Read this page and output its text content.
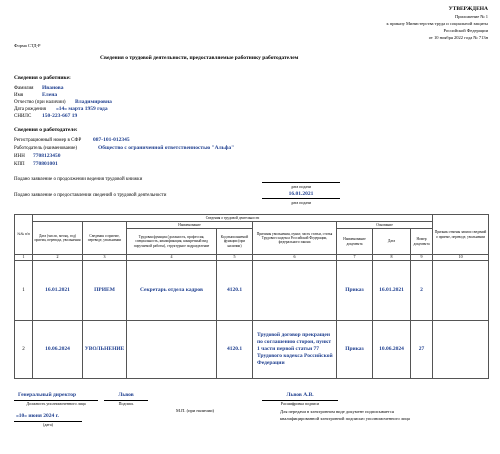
УТВЕРЖДЕНА
Приложение № 1
к приказу Министерства труда и социальной защиты
Российской Федерации
от 10 ноября 2022 года № 713н
Форма СТД-Р
Сведения о трудовой деятельности, предоставляемые работнику работодателем
Сведения о работнике:
Фамилия Иванова
Имя	Елена
Отчество (при наличии) Владимировна
Дата рождения «14» марта 1959 года
СНИЛС 150-223-667 19
Сведения о работодателе:
Регистрационный номер в СФР 087-101-012345
Работодатель (наименование)	Общество с ограниченной ответственностью "Альфа"
ИНН 7708123450
КПП 770801001
Подано заявление о продолжении ведения трудовой книжки
дата подачи
Подано заявление о предоставлении сведений о трудовой деятельности	16.01.2021
дата подачи
№№ п/п	Сведения о трудовой деятельности								Признак отмены записи сведений о приеме, переводе, увольнении
	Дата (число, месяц, год) приема, перевода, увольнения	Сведения о приеме, переводе, увольнении	Наименование		Причины увольнения, пункт, часть статьи, статья Трудового кодекса Российской Федерации, федерального закона	Основание			
			Трудовая функция (должность, профессия, специальность, квалификация, конкретный вид поручаемой работы), структурное подразделение	Код выполняемой функции (при наличии)		Наименование документа	Дата	Номер документа	
1	2	3	4	5	6	7	8	9	10
1	16.01.2021	ПРИЕМ	Секретарь отдела кадров	4120.1		Приказ	16.01.2021	2	
2	10.06.2024	УВОЛЬНЕНИЕ		4120.1	Трудовой договор прекращен по соглашению сторон, пункт 1 части первой статьи 77 Трудового кодекса Российской Федерации	Приказ	10.06.2024	27	
Генеральный директор
Должность уполномоченного лица
Львов
Подпись
Львов А.В.
Расшифровка подписи
М.П. (при наличии)	Для передачи в электронном виде документ подписывается
квалифицированной электронной подписью уполномоченного лица
«10» июня 2024 г.
(дата)
